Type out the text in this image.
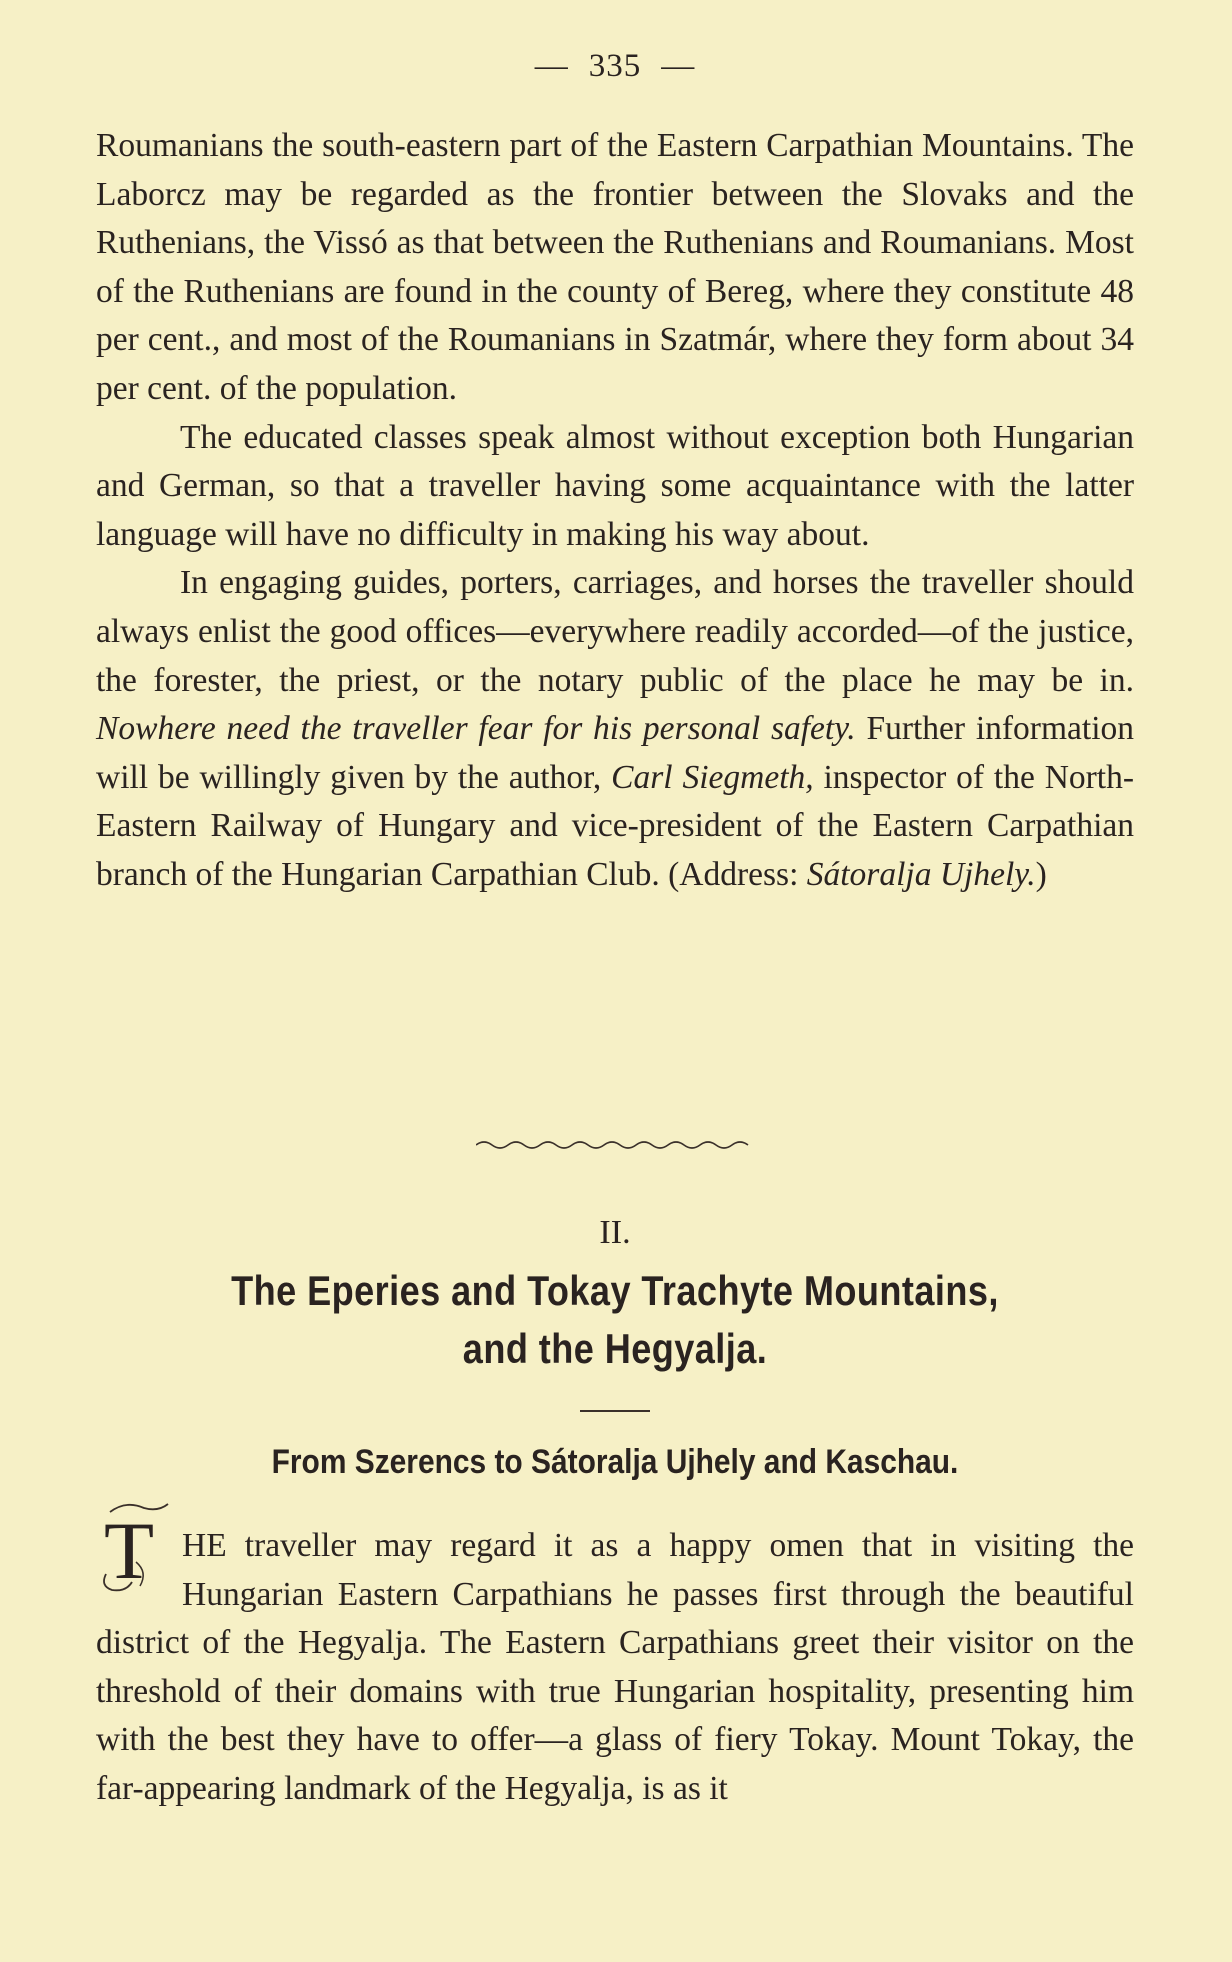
— 335 —

Roumanians the south-eastern part of the Eastern Carpathian Mountains. The Laborcz may be regarded as the frontier between the Slovaks and the Ruthenians, the Vissó as that between the Ruthenians and Roumanians. Most of the Ruthenians are found in the county of Bereg, where they constitute 48 per cent., and most of the Roumanians in Szatmár, where they form about 34 per cent. of the population.

The educated classes speak almost without exception both Hungarian and German, so that a traveller having some acquaintance with the latter language will have no difficulty in making his way about.

In engaging guides, porters, carriages, and horses the traveller should always enlist the good offices—everywhere readily accorded—of the justice, the forester, the priest, or the notary public of the place he may be in. Nowhere need the traveller fear for his personal safety. Further information will be willingly given by the author, Carl Siegmeth, inspector of the North-Eastern Railway of Hungary and vice-president of the Eastern Carpathian branch of the Hungarian Carpathian Club. (Address: Sátoralja Ujhely.)

II.
The Eperies and Tokay Trachyte Mountains,
and the Hegyalja.
From Szerencs to Sátoralja Ujhely and Kaschau.
T HE traveller may regard it as a happy omen that in visiting the Hungarian Eastern Carpathians he passes first through the beautiful district of the Hegyalja. The Eastern Carpathians greet their visitor on the threshold of their domains with true Hungarian hospitality, presenting him with the best they have to offer—a glass of fiery Tokay. Mount Tokay, the far-appearing landmark of the Hegyalja, is as it
